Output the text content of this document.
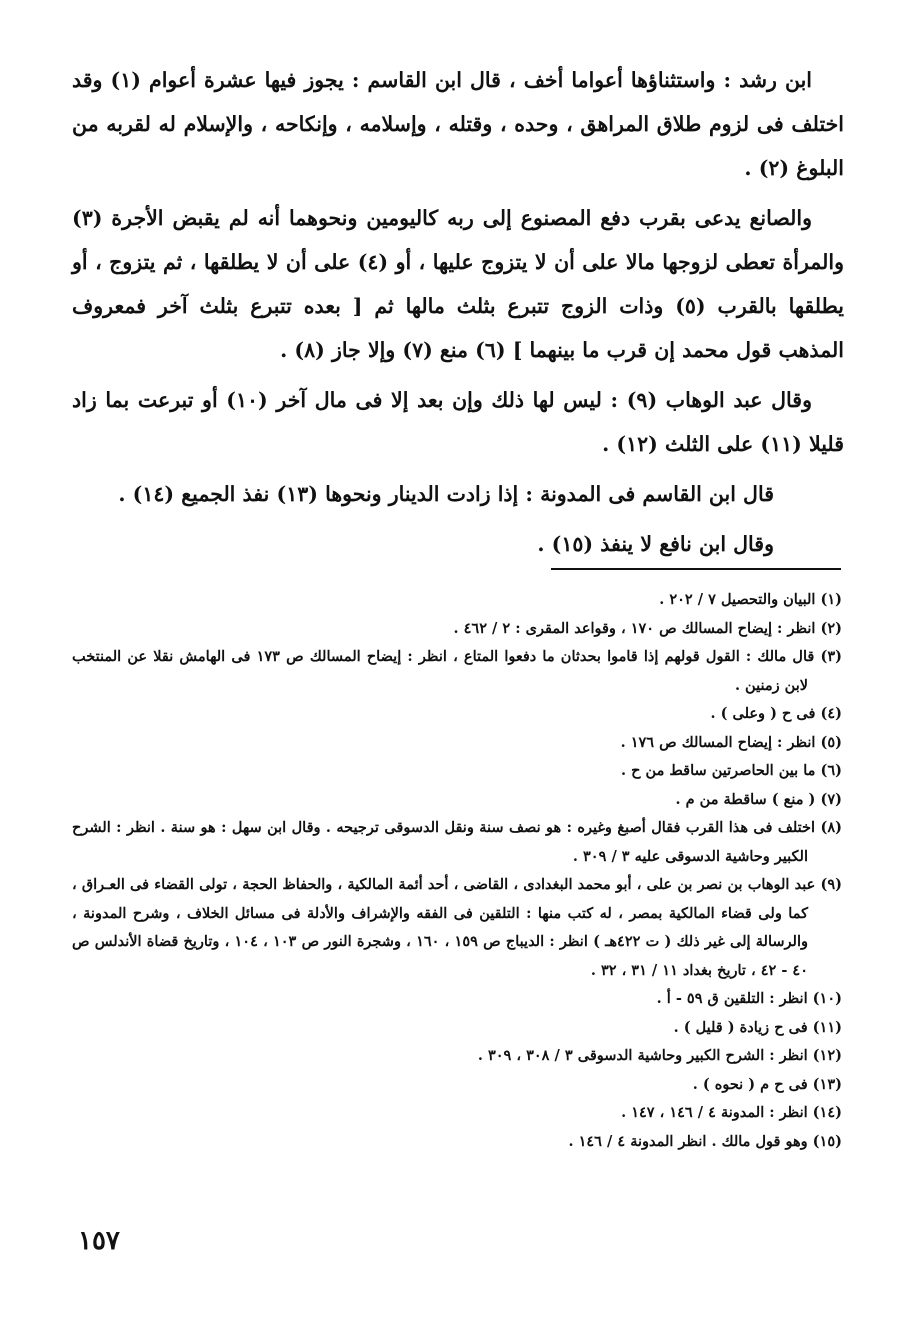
ابن رشد : واستثناؤها أعواما أخف ، قال ابن القاسم : يجوز فيها عشرة أعوام (١) وقد اختلف فى لزوم طلاق المراهق ، وحده ، وقتله ، وإسلامه ، وإنكاحه ، والإسلام له لقربه من البلوغ (٢) .

والصانع يدعى بقرب دفع المصنوع إلى ربه كاليومين ونحوهما أنه لم يقبض الأجرة (٣) والمرأة تعطى لزوجها مالا على أن لا يتزوج عليها ، أو (٤) على أن لا يطلقها ، ثم يتزوج ، أو يطلقها بالقرب (٥) وذات الزوج تتبرع بثلث مالها ثم [ بعده تتبرع بثلث آخر فمعروف المذهب قول محمد إن قرب ما بينهما ] (٦) منع (٧) وإلا جاز (٨) .

وقال عبد الوهاب (٩) : ليس لها ذلك وإن بعد إلا فى مال آخر (١٠) أو تبرعت بما زاد قليلا (١١) على الثلث (١٢) .

قال ابن القاسم فى المدونة : إذا زادت الدينار ونحوها (١٣) نفذ الجميع (١٤) .

وقال ابن نافع لا ينفذ (١٥) .

(١) البيان والتحصيل ٧ / ٢٠٢ .

(٢) انظر : إيضاح المسالك ص ١٧٠ ، وقواعد المقرى : ٢ / ٤٦٢ .

(٣) قال مالك : القول قولهم إذا قاموا بحدثان ما دفعوا المتاع ، انظر : إيضاح المسالك ص ١٧٣ فى الهامش نقلا عن المنتخب لابن زمنين .

(٤) فى ح ( وعلى ) .

(٥) انظر : إيضاح المسالك ص ١٧٦ .

(٦) ما بين الحاصرتين ساقط من ح .

(٧) ( منع ) ساقطة من م .

(٨) اختلف فى هذا القرب فقال أصبغ وغيره : هو نصف سنة ونقل الدسوقى ترجيحه . وقال ابن سهل : هو سنة . انظر : الشرح الكبير وحاشية الدسوقى عليه ٣ / ٣٠٩ .

(٩) عبد الوهاب بن نصر بن على ، أبو محمد البغدادى ، القاضى ، أحد أئمة المالكية ، والحفاظ الحجة ، تولى القضاء فى العـراق ، كما ولى قضاء المالكية بمصر ، له كتب منها : التلقين فى الفقه والإشراف والأدلة فى مسائل الخلاف ، وشرح المدونة ، والرسالة إلى غير ذلك ( ت ٤٢٢هـ ) انظر : الديباج ص ١٥٩ ، ١٦٠ ، وشجرة النور ص ١٠٣ ، ١٠٤ ، وتاريخ قضاة الأندلس ص ٤٠ - ٤٢ ، تاريخ بغداد ١١ / ٣١ ، ٣٢ .

(١٠) انظر : التلقين ق ٥٩ - أ .

(١١) فى ح زيادة ( قليل ) .

(١٢) انظر : الشرح الكبير وحاشية الدسوقى ٣ / ٣٠٨ ، ٣٠٩ .

(١٣) فى ح م ( نحوه ) .

(١٤) انظر : المدونة ٤ / ١٤٦ ، ١٤٧ .

(١٥) وهو قول مالك . انظر المدونة ٤ / ١٤٦ .

١٥٧
